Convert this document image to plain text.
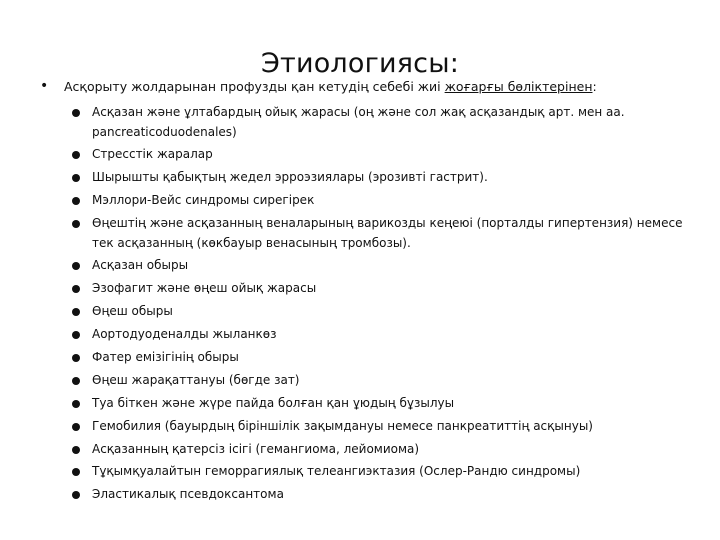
Этиологиясы:
• Асқорыту жолдарынан профузды қан кетудің себебі жиі жоғарғы бөліктерінен:
Асқазан және ұлтабардың ойық жарасы (оң және сол жақ асқазандық арт. мен аа. pancreaticoduodenales)
Стресстік жаралар
Шырышты қабықтың жедел эрроэзиялары (эрозивті гастрит).
Мэллори-Вейс синдромы сирегірек
Өңештің және асқазанның веналарының варикозды кеңеюі (порталды гипертензия) немесе тек асқазанның (көкбауыр венасының тромбозы).
Асқазан обыры
Эзофагит және өңеш ойық жарасы
Өңеш обыры
Аортодуоденалды жыланкөз
Фатер емізігінің обыры
Өңеш жарақаттануы (бөгде зат)
Туа біткен және жүре пайда болған қан ұюдың бұзылуы
Гемобилия (бауырдың біріншілік зақымдануы немесе панкреатиттің асқынуы)
Асқазанның қатерсіз ісігі (гемангиома, лейомиома)
Тұқымқуалайтын геморрагиялық телеангиэктазия (Ослер-Рандю синдромы)
Эластикалық псевдоксантома
